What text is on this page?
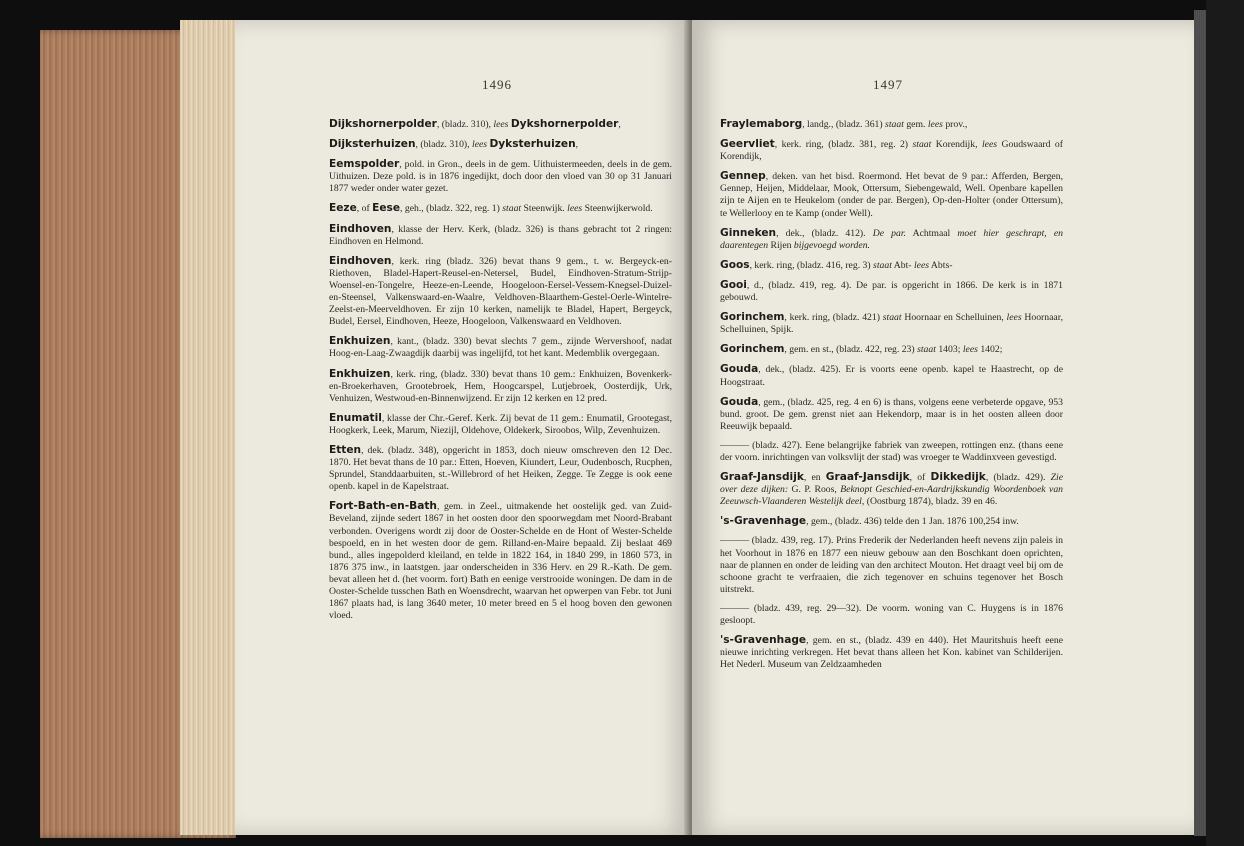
1496	1497

Dijkshornerpolder, (bladz. 310), lees Dykshornerpolder,

Dijksterhuizen, (bladz. 310), lees Dyksterhuizen,

Eemspolder, pold. in Gron., deels in de gem. Uithuistermeeden, deels in de gem. Uithuizen. Deze pold. is in 1876 ingedijkt, doch door den vloed van 30 op 31 Januari 1877 weder onder water gezet.

Eeze, of Eese, geh., (bladz. 322, reg. 1) staat Steenwijk. lees Steenwijkerwold.

Eindhoven, klasse der Herv. Kerk, (bladz. 326) is thans gebracht tot 2 ringen: Eindhoven en Helmond.

Eindhoven, kerk. ring (bladz. 326) bevat thans 9 gem., t. w. Bergeyck-en-Riethoven, Bladel-Hapert-Reusel-en-Netersel, Budel, Eindhoven-Stratum-Strijp-Woensel-en-Tongelre, Heeze-en-Leende, Hoogeloon-Eersel-Vessem-Knegsel-Duizel-en-Steensel, Valkenswaard-en-Waalre, Veldhoven-Blaarthem-Gestel-Oerle-Wintelre-Zeelst-en-Meerveldhoven. Er zijn 10 kerken, namelijk te Bladel, Hapert, Bergeyck, Budel, Eersel, Eindhoven, Heeze, Hoogeloon, Valkenswaard en Veldhoven.

Enkhuizen, kant., (bladz. 330) bevat slechts 7 gem., zijnde Wervershoof, nadat Hoog-en-Laag-Zwaagdijk daarbij was ingelijfd, tot het kant. Medemblik overgegaan.

Enkhuizen, kerk. ring, (bladz. 330) bevat thans 10 gem.: Enkhuizen, Bovenkerk-en-Broekerhaven, Grootebroek, Hem, Hoogcarspel, Lutjebroek, Oosterdijk, Urk, Venhuizen, Westwoud-en-Binnenwijzend. Er zijn 12 kerken en 12 pred.

Enumatil, klasse der Chr.-Geref. Kerk. Zij bevat de 11 gem.: Enumatil, Grootegast, Hoogkerk, Leek, Marum, Niezijl, Oldehove, Oldekerk, Siroobos, Wilp, Zevenhuizen.

Etten, dek. (bladz. 348), opgericht in 1853, doch nieuw omschreven den 12 Dec. 1870. Het bevat thans de 10 par.: Etten, Hoeven, Kiundert, Leur, Oudenbosch, Rucphen, Sprundel, Standdaarbuiten, st.-Willebrord of het Heiken, Zegge. Te Zegge is ook eene openb. kapel in de Kapelstraat.

Fort-Bath-en-Bath, gem. in Zeel., uitmakende het oostelijk ged. van Zuid-Beveland, zijnde sedert 1867 in het oosten door den spoorwegdam met Noord-Brabant verbonden. Overigens wordt zij door de Ooster-Schelde en de Hont of Wester-Schelde bespoeld, en in het westen door de gem. Rilland-en-Maire bepaald. Zij beslaat 469 bund., alles ingepolderd kleiland, en telde in 1822 164, in 1840 299, in 1860 573, in 1876 375 inw., in laatstgen. jaar onderscheiden in 336 Herv. en 29 R.-Kath. De gem. bevat alleen het d. (het voorm. fort) Bath en eenige verstrooide woningen. De dam in de Ooster-Schelde tusschen Bath en Woensdrecht, waarvan het opwerpen van Febr. tot Juni 1867 plaats had, is lang 3640 meter, 10 meter breed en 5 el hoog boven den gewonen vloed.

Fraylemaborg, landg., (bladz. 361) staat gem. lees prov.,

Geervliet, kerk. ring, (bladz. 381, reg. 2) staat Korendijk, lees Goudswaard of Korendijk,

Gennep, deken. van het bisd. Roermond. Het bevat de 9 par.: Afferden, Bergen, Gennep, Heijen, Middelaar, Mook, Ottersum, Siebengewald, Well. Openbare kapellen zijn te Aijen en te Heukelom (onder de par. Bergen), Op-den-Holter (onder Ottersum), te Wellerlooy en te Kamp (onder Well).

Ginneken, dek., (bladz. 412). De par. Achtmaal moet hier geschrapt, en daarentegen Rijen bijgevoegd worden.

Goos, kerk. ring, (bladz. 416, reg. 3) staat Abt- lees Abts-

Gooi, d., (bladz. 419, reg. 4). De par. is opgericht in 1866. De kerk is in 1871 gebouwd.

Gorinchem, kerk. ring, (bladz. 421) staat Hoornaar en Schelluinen, lees Hoornaar, Schelluinen, Spijk.

Gorinchem, gem. en st., (bladz. 422, reg. 23) staat 1403; lees 1402;

Gouda, dek., (bladz. 425). Er is voorts eene openb. kapel te Haastrecht, op de Hoogstraat.

Gouda, gem., (bladz. 425, reg. 4 en 6) is thans, volgens eene verbeterde opgave, 953 bund. groot. De gem. grenst niet aan Hekendorp, maar is in het oosten alleen door Reeuwijk bepaald.

——— (bladz. 427). Eene belangrijke fabriek van zweepen, rottingen enz. (thans eene der voorn. inrichtingen van volksvlijt der stad) was vroeger te Waddinxveen gevestigd.

Graaf-Jansdijk, en Graaf-Jansdijk, of Dikkedijk, (bladz. 429). Zie over deze dijken: G. P. Roos, Beknopt Geschied-en-Aardrijkskundig Woordenboek van Zeeuwsch-Vlaanderen Westelijk deel, (Oostburg 1874), bladz. 39 en 46.

's-Gravenhage, gem., (bladz. 436) telde den 1 Jan. 1876 100,254 inw.

——— (bladz. 439, reg. 17). Prins Frederik der Nederlanden heeft nevens zijn paleis in het Voorhout in 1876 en 1877 een nieuw gebouw aan den Boschkant doen oprichten, naar de plannen en onder de leiding van den architect Mouton. Het draagt veel bij om de schoone gracht te verfraaien, die zich tegenover en schuins tegenover het Bosch uitstrekt.

——— (bladz. 439, reg. 29—32). De voorm. woning van C. Huygens is in 1876 gesloopt.

's-Gravenhage, gem. en st., (bladz. 439 en 440). Het Mauritshuis heeft eene nieuwe inrichting verkregen. Het bevat thans alleen het Kon. kabinet van Schilderijen. Het Nederl. Museum van Zeldzaamheden
